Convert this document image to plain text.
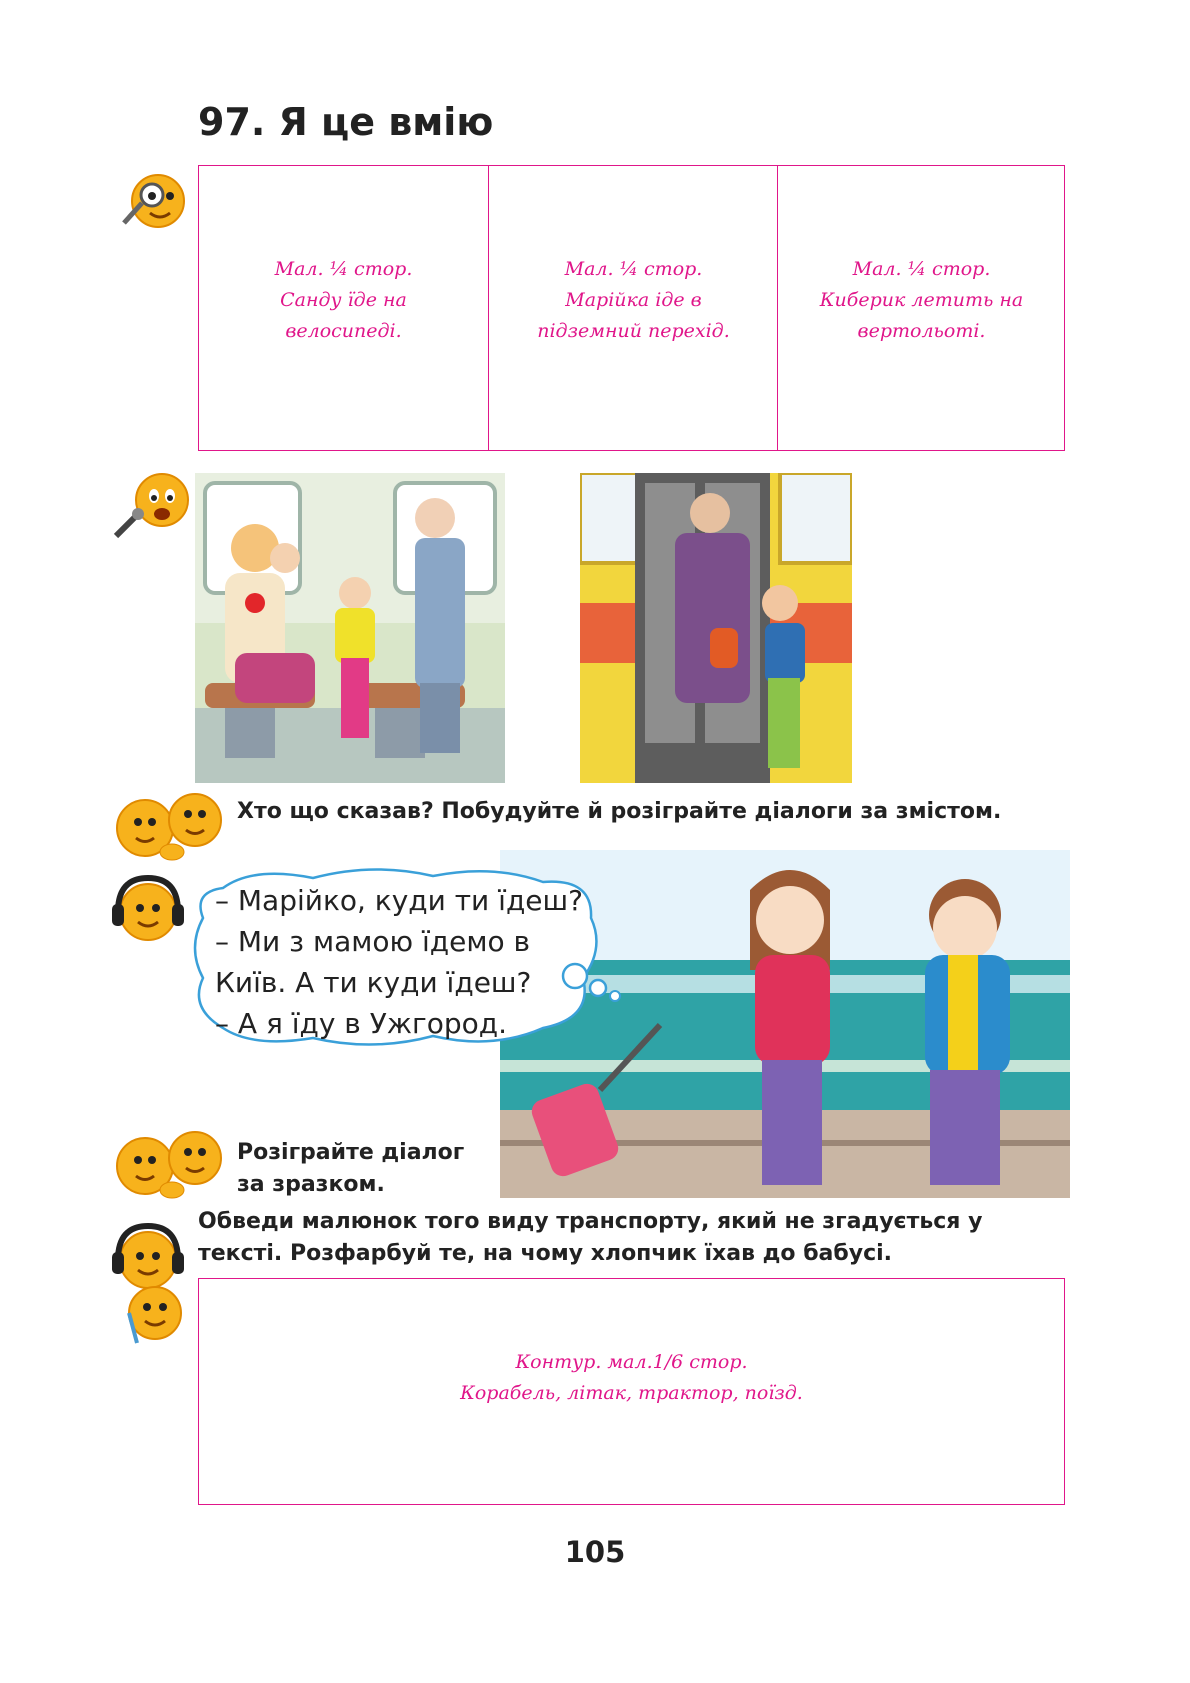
97. Я це вмію
Мал. ¼ стор.
Санду їде на
велосипеді.
Мал. ¼ стор.
Марійка іде в
підземний перехід.
Мал. ¼ стор.
Киберик летить на
вертольоті.
Хто що сказав? Побудуйте й розіграйте діалоги за змістом.
– Марійко, куди ти їдеш?
– Ми з мамою їдемо в
Київ. А ти куди їдеш?
– А я їду в Ужгород.
Розіграйте діалог
за зразком.
Обведи малюнок того виду транспорту, який не згадується у
тексті. Розфарбуй те, на чому хлопчик їхав до бабусі.
Контур. мал.1/6 стор.
Корабель, літак, трактор, поїзд.
105
